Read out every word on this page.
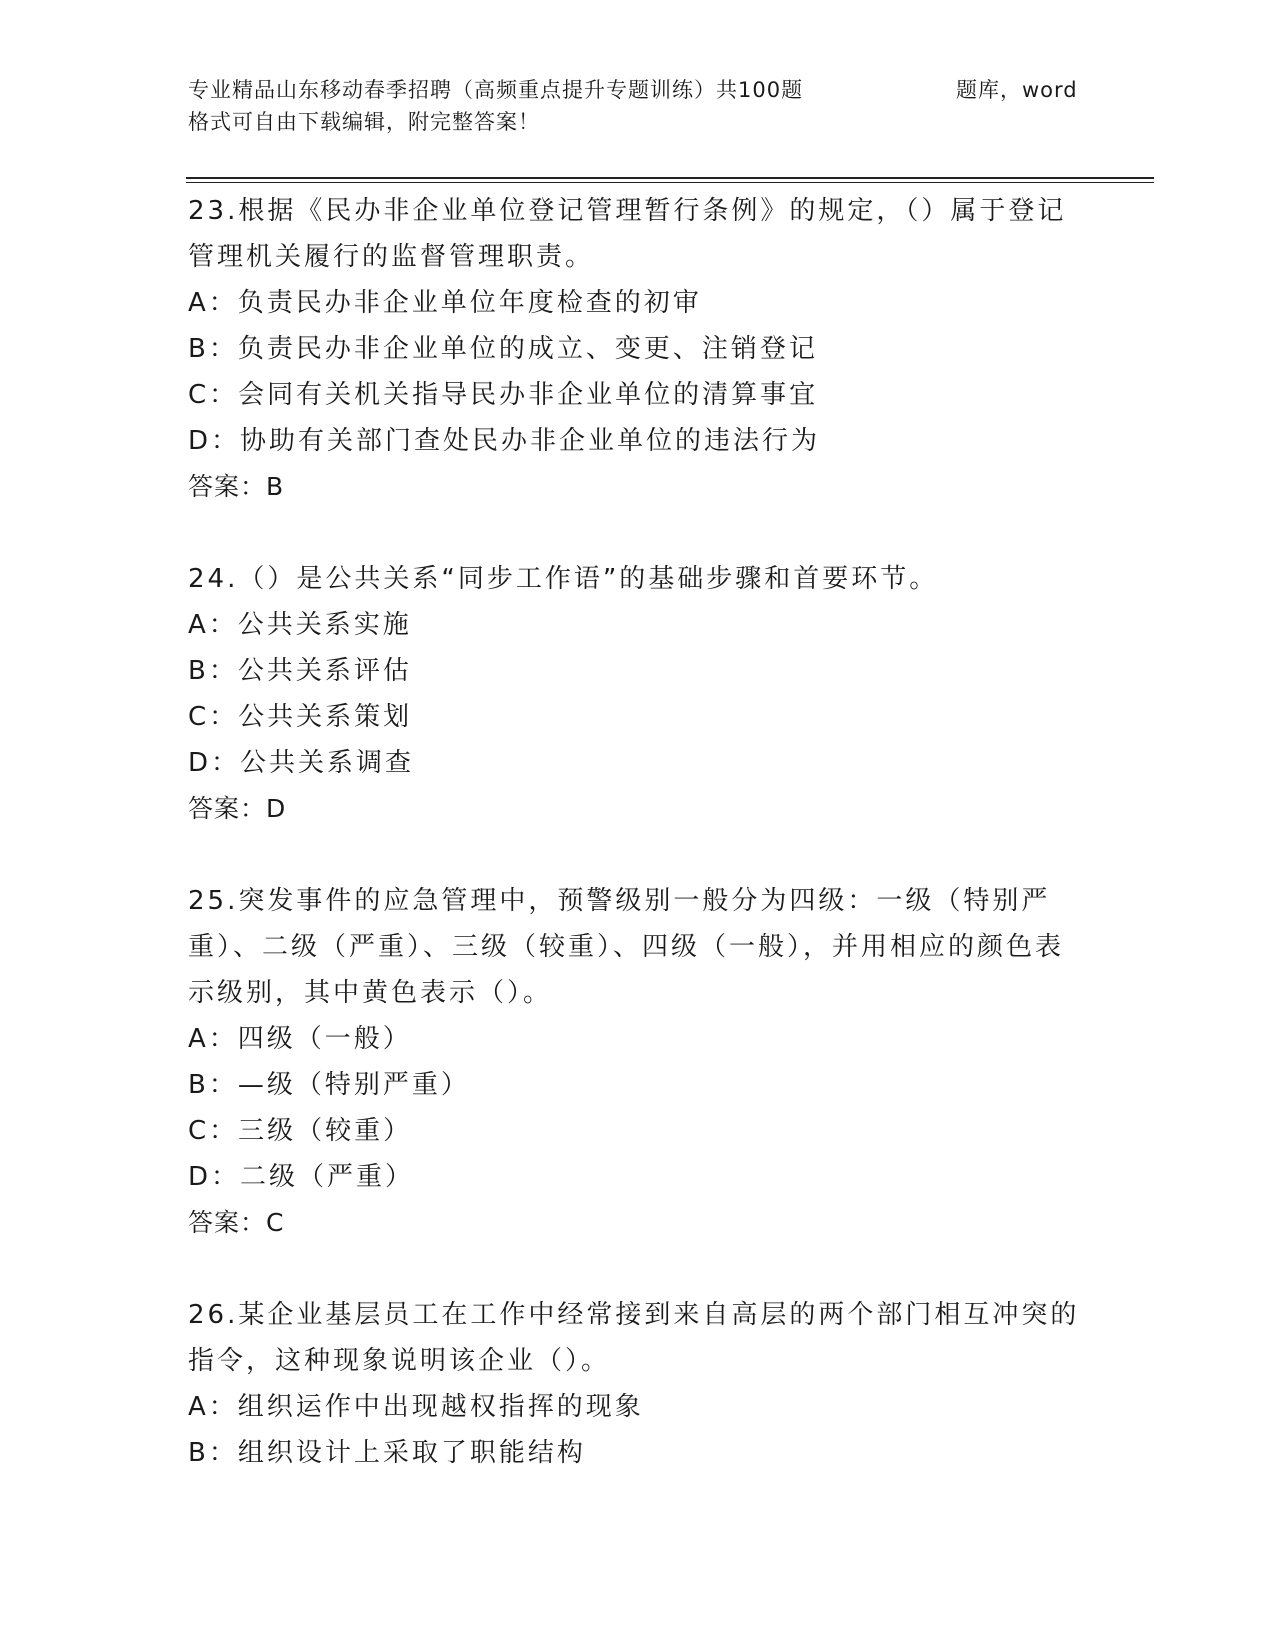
专业精品山东移动春季招聘（高频重点提升专题训练）共100题	题库，word
格式可自由下载编辑，附完整答案！

23.根据《民办非企业单位登记管理暂行条例》的规定，（）属于登记管理机关履行的监督管理职责。

A：负责民办非企业单位年度检查的初审

B：负责民办非企业单位的成立、变更、注销登记

C：会同有关机关指导民办非企业单位的清算事宜

D：协助有关部门查处民办非企业单位的违法行为

答案：B

24.（）是公共关系“同步工作语”的基础步骤和首要环节。

A：公共关系实施

B：公共关系评估

C：公共关系策划

D：公共关系调查

答案：D

25.突发事件的应急管理中，预警级别一般分为四级：一级（特别严重）、二级（严重）、三级（较重）、四级（一般），并用相应的颜色表示级别，其中黄色表示（）。

A：四级（一般）

B：—级（特别严重）

C：三级（较重）

D：二级（严重）

答案：C

26.某企业基层员工在工作中经常接到来自高层的两个部门相互冲突的指令，这种现象说明该企业（）。

A：组织运作中出现越权指挥的现象

B：组织设计上采取了职能结构
